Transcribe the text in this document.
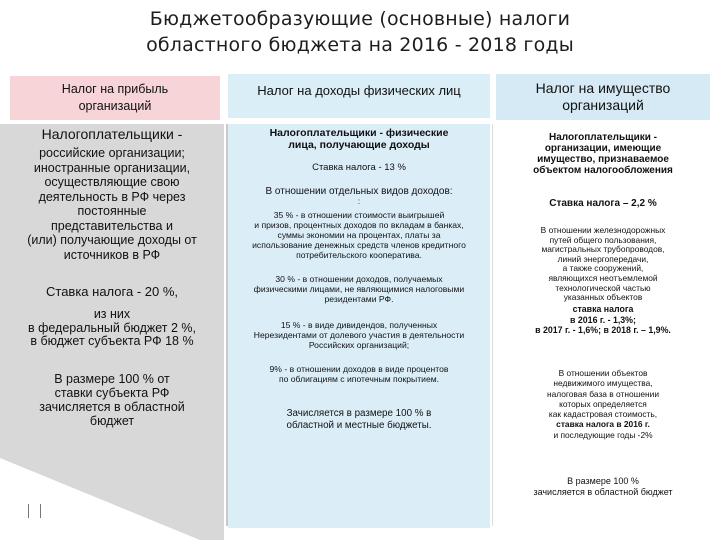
Бюджетообразующие (основные) налоги
областного бюджета на 2016 - 2018 годы
Налог на прибыль
организаций
Налог на доходы физических лиц	Налог на имущество
организаций

Налогоплательщики -

российские организации;

иностранные организации,

осуществляющие свою

деятельность в РФ через

постоянные

представительства и

(или) получающие доходы от

источников в РФ

Ставка налога - 20 %,

из них

в федеральный бюджет 2 %,

в бюджет субъекта РФ 18 %

В размере 100 % от

ставки субъекта РФ

зачисляется в областной

бюджет

Налогоплательщики - физические

лица, получающие доходы

Ставка налога - 13 %

В отношении отдельных видов доходов:

:

35 % - в отношении стоимости выигрышей

и призов, процентных доходов по вкладам в банках,

суммы экономии на процентах, платы за

использование денежных средств членов кредитного

потребительского кооператива.

30 % - в отношении доходов, получаемых

физическими лицами, не являющимися налоговыми

резидентами РФ.

15 % - в виде дивидендов, полученных

Нерезидентами от долевого участия в деятельности

Российских организаций;

9% - в отношении доходов в виде процентов

по облигациям с ипотечным покрытием.

Зачисляется в размере 100 % в

областной и местные бюджеты.

Налогоплательщики -

организации, имеющие

имущество, признаваемое

объектом налогообложения

Ставка налога – 2,2 %

В отношении железнодорожных

путей общего пользования,

магистральных трубопроводов,

линий энергопередачи,

а также сооружений,

являющихся неотъемлемой

технологической частью

указанных объектов

ставка налога

в 2016 г. - 1,3%;

в 2017 г. - 1,6%; в 2018 г. – 1,9%.

В отношении объектов

недвижимого имущества,

налоговая база в отношении

которых определяется

как кадастровая стоимость,

ставка налога в 2016 г.

и последующие годы -2%

В размере 100 %

зачисляется в областной бюджет
